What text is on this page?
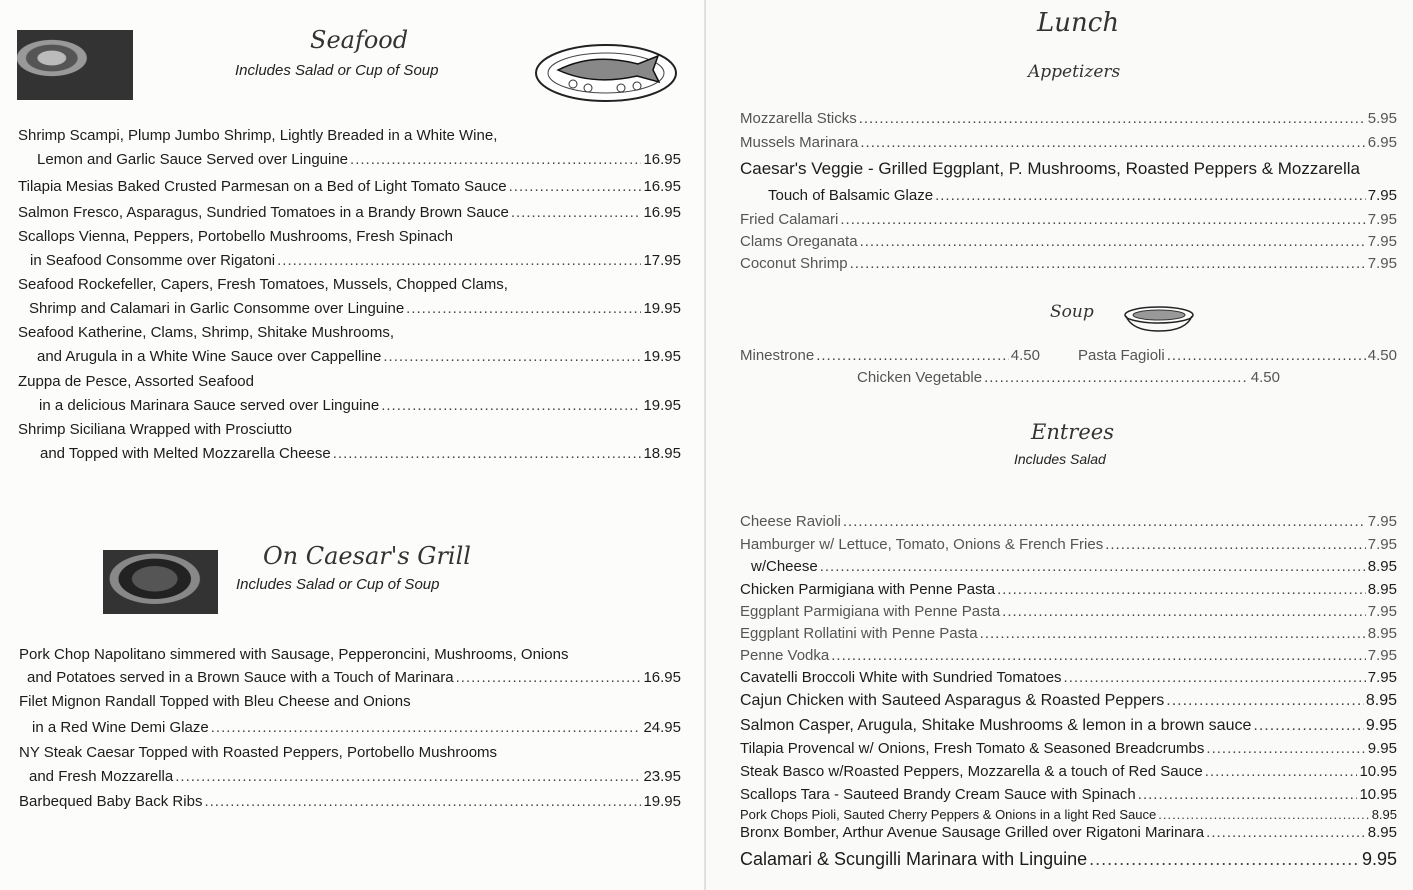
Seafood
Includes Salad or Cup of Soup
Shrimp Scampi, Plump Jumbo Shrimp, Lightly Breaded in a White Wine,
Lemon and Garlic Sauce Served over Linguine .....	16.95
Tilapia Mesias Baked Crusted Parmesan on a Bed of Light Tomato Sauce .....	16.95
Salmon Fresco, Asparagus, Sundried Tomatoes in a Brandy Brown Sauce .....	16.95
Scallops Vienna, Peppers, Portobello Mushrooms, Fresh Spinach
in Seafood Consomme over Rigatoni .....	17.95
Seafood Rockefeller, Capers, Fresh Tomatoes, Mussels, Chopped Clams,
Shrimp and Calamari in Garlic Consomme over Linguine .....	19.95
Seafood Katherine, Clams, Shrimp, Shitake Mushrooms,
and Arugula in a White Wine Sauce over Cappelline .....	19.95
Zuppa de Pesce, Assorted Seafood
in a delicious Marinara Sauce served over Linguine .....	19.95
Shrimp Siciliana Wrapped with Prosciutto
and Topped with Melted Mozzarella Cheese .....	18.95
On Caesar's Grill
Includes Salad or Cup of Soup
Pork Chop Napolitano simmered with Sausage, Pepperoncini, Mushrooms, Onions
and Potatoes served in a Brown Sauce with a Touch of Marinara .....	16.95
Filet Mignon Randall Topped with Bleu Cheese and Onions
in a Red Wine Demi Glaze .....	24.95
NY Steak Caesar Topped with Roasted Peppers, Portobello Mushrooms
and Fresh Mozzarella .....	23.95
Barbequed Baby Back Ribs .....	19.95
Lunch
Appetizers
Mozzarella Sticks .....	5.95
Mussels Marinara .....	6.95
Caesar's Veggie - Grilled Eggplant, P. Mushrooms, Roasted Peppers & Mozzarella
Touch of Balsamic Glaze .....	7.95
Fried Calamari .....	7.95
Clams Oreganata .....	7.95
Coconut Shrimp .....	7.95
Soup
Minestrone .....	4.50	Pasta Fagioli .....	4.50
Chicken Vegetable .....	4.50
Entrees
Includes Salad
Cheese Ravioli .....	7.95
Hamburger w/ Lettuce, Tomato, Onions & French Fries .....	7.95
w/Cheese .....	8.95
Chicken Parmigiana with Penne Pasta .....	8.95
Eggplant Parmigiana with Penne Pasta .....	7.95
Eggplant Rollatini with Penne Pasta .....	8.95
Penne Vodka .....	7.95
Cavatelli Broccoli White with Sundried Tomatoes .....	7.95
Cajun Chicken with Sauteed Asparagus & Roasted Peppers .....	8.95
Salmon Casper, Arugula, Shitake Mushrooms & lemon in a brown sauce .....	9.95
Tilapia Provencal w/ Onions, Fresh Tomato & Seasoned Breadcrumbs .....	9.95
Steak Basco w/Roasted Peppers, Mozzarella & a touch of Red Sauce .....	10.95
Scallops Tara - Sauteed Brandy Cream Sauce with Spinach .....	10.95
Pork Chops Pioli, Sauted Cherry Peppers & Onions in a light Red Sauce .....	8.95
Bronx Bomber, Arthur Avenue Sausage Grilled over Rigatoni Marinara .....	8.95
Calamari & Scungilli Marinara with Linguine .....	9.95
